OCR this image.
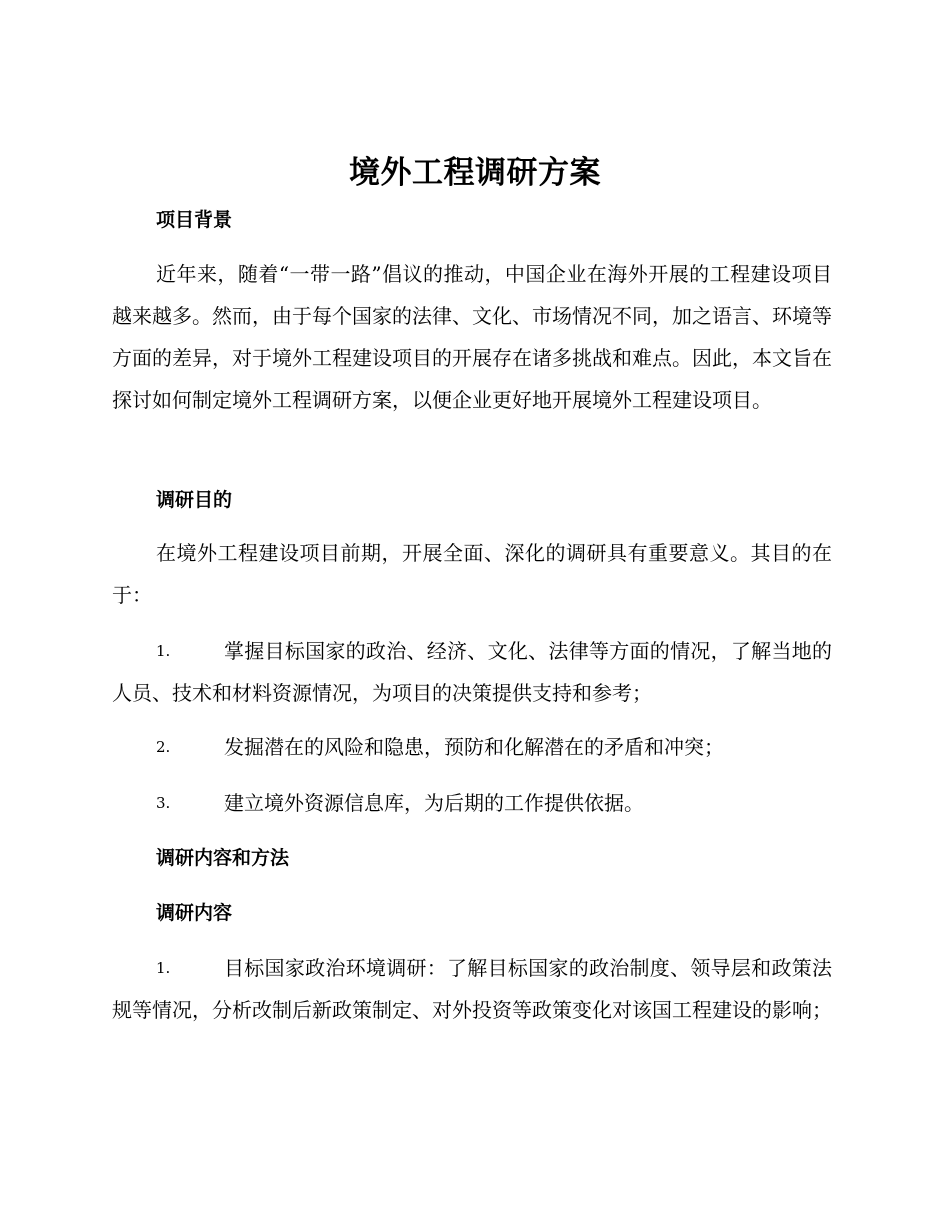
境外工程调研方案
项目背景

近年来，随着“一带一路”倡议的推动，中国企业在海外开展的工程建设项目越来越多。然而，由于每个国家的法律、文化、市场情况不同，加之语言、环境等方面的差异，对于境外工程建设项目的开展存在诸多挑战和难点。因此，本文旨在探讨如何制定境外工程调研方案，以便企业更好地开展境外工程建设项目。

调研目的

在境外工程建设项目前期，开展全面、深化的调研具有重要意义。其目的在于：

1.	掌握目标国家的政治、经济、文化、法律等方面的情况，了解当地的人员、技术和材料资源情况，为项目的决策提供支持和参考；
2.	发掘潜在的风险和隐患，预防和化解潜在的矛盾和冲突；
3.	建立境外资源信息库，为后期的工作提供依据。
调研内容和方法
调研内容
1.	目标国家政治环境调研：了解目标国家的政治制度、领导层和政策法规等情况，分析改制后新政策制定、对外投资等政策变化对该国工程建设的影响；
